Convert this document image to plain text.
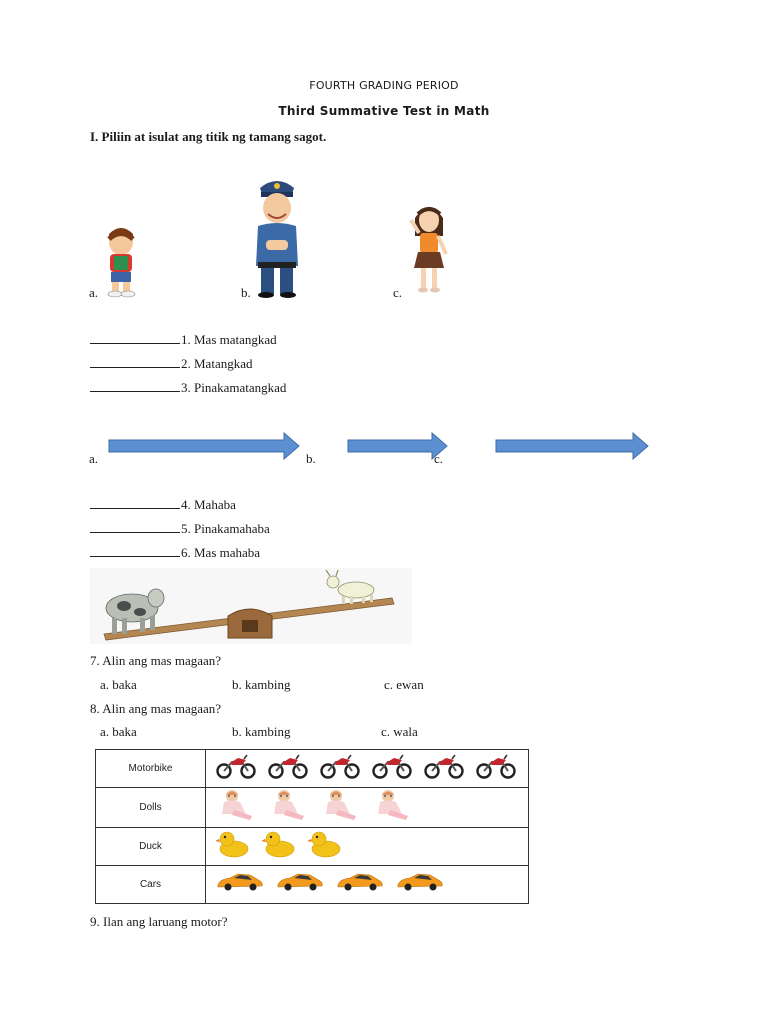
FOURTH GRADING PERIOD
Third Summative Test in Math
I. Piliin at isulat ang titik ng tamang sagot.
a.	b.	c.
1. Mas matangkad
2. Matangkad
3. Pinakamatangkad
a.	b.	c.
4. Mahaba
5. Pinakamahaba
6. Mas mahaba
7. Alin ang mas magaan?
a. baka	b. kambing	c. ewan
8. Alin ang mas magaan?
a. baka	b. kambing	c. wala
Motorbike	
Dolls	
Duck	
Cars	
9. Ilan ang laruang motor?
